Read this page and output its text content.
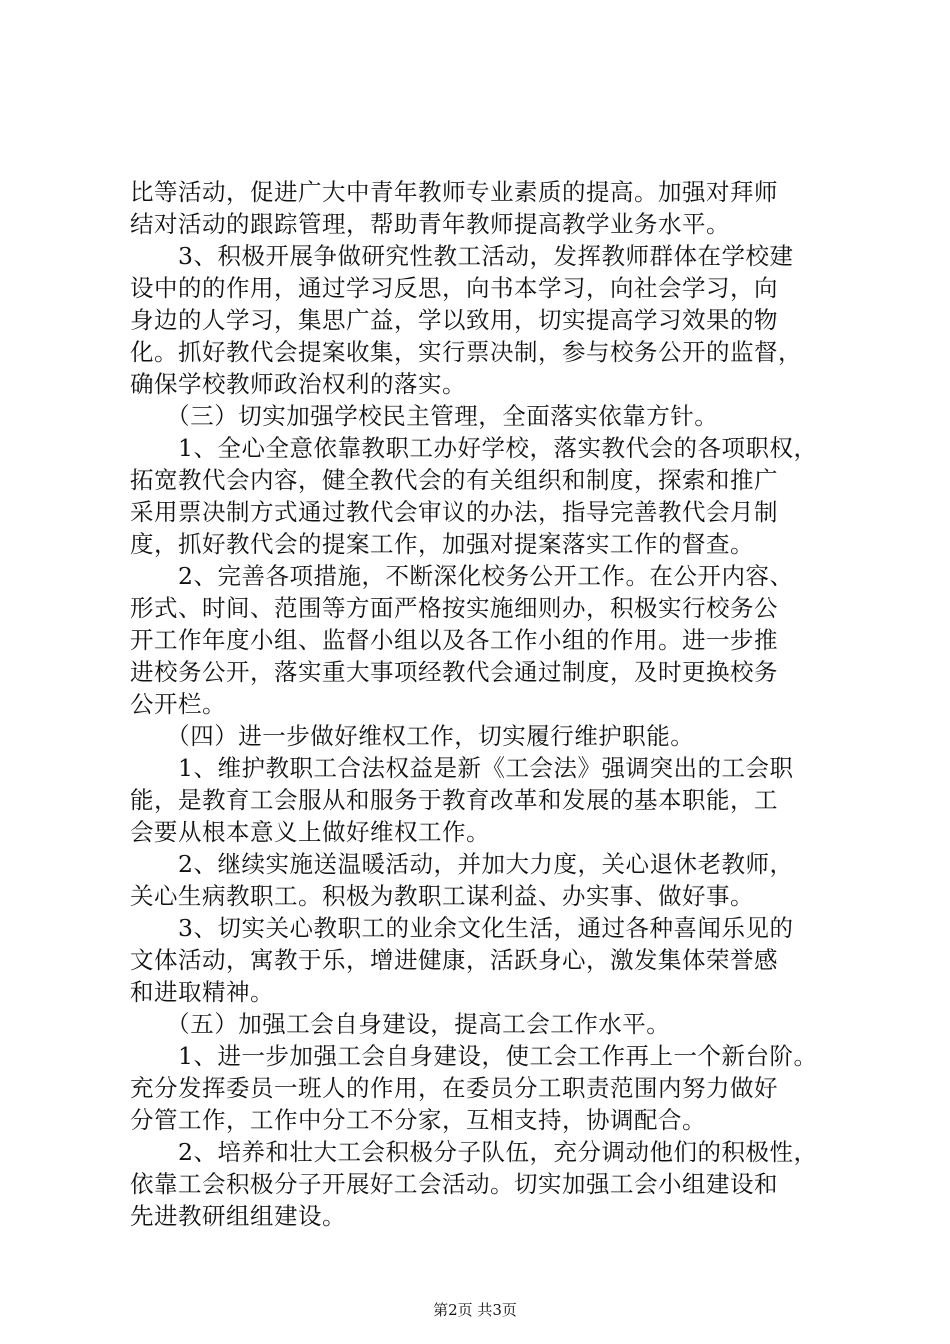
比等活动，促进广大中青年教师专业素质的提高。加强对拜师
结对活动的跟踪管理，帮助青年教师提高教学业务水平。
　　3、积极开展争做研究性教工活动，发挥教师群体在学校建
设中的的作用，通过学习反思，向书本学习，向社会学习，向
身边的人学习，集思广益，学以致用，切实提高学习效果的物
化。抓好教代会提案收集，实行票决制，参与校务公开的监督，
确保学校教师政治权利的落实。
　　（三）切实加强学校民主管理，全面落实依靠方针。
　　1、全心全意依靠教职工办好学校，落实教代会的各项职权，
拓宽教代会内容，健全教代会的有关组织和制度，探索和推广
采用票决制方式通过教代会审议的办法，指导完善教代会月制
度，抓好教代会的提案工作，加强对提案落实工作的督查。
　　2、完善各项措施，不断深化校务公开工作。在公开内容、
形式、时间、范围等方面严格按实施细则办，积极实行校务公
开工作年度小组、监督小组以及各工作小组的作用。进一步推
进校务公开，落实重大事项经教代会通过制度，及时更换校务
公开栏。
　　（四）进一步做好维权工作，切实履行维护职能。
　　1、维护教职工合法权益是新《工会法》强调突出的工会职
能，是教育工会服从和服务于教育改革和发展的基本职能，工
会要从根本意义上做好维权工作。
　　2、继续实施送温暖活动，并加大力度，关心退休老教师，
关心生病教职工。积极为教职工谋利益、办实事、做好事。
　　3、切实关心教职工的业余文化生活，通过各种喜闻乐见的
文体活动，寓教于乐，增进健康，活跃身心，激发集体荣誉感
和进取精神。
　　（五）加强工会自身建设，提高工会工作水平。
　　1、进一步加强工会自身建设，使工会工作再上一个新台阶。
充分发挥委员一班人的作用，在委员分工职责范围内努力做好
分管工作，工作中分工不分家，互相支持，协调配合。
　　2、培养和壮大工会积极分子队伍，充分调动他们的积极性，
依靠工会积极分子开展好工会活动。切实加强工会小组建设和
先进教研组组建设。
第2页 共3页
